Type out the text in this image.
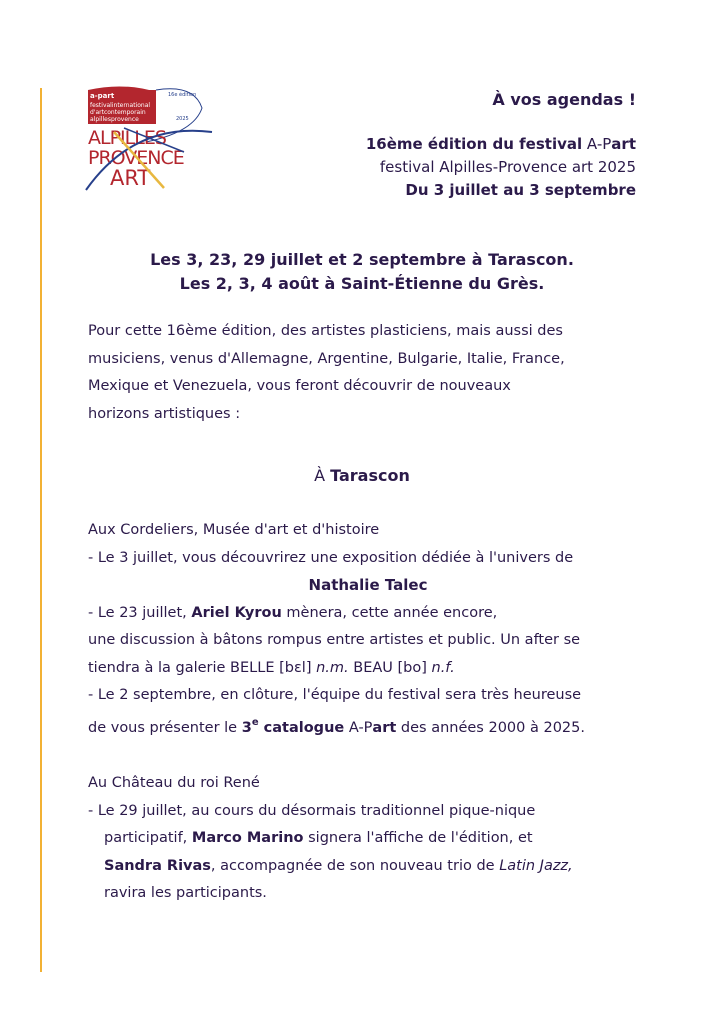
a-part
festivalinternational
d'artcontemporain
alpillesprovence
16e édition
2025
ALPILLES
PROVENCE
ART
À vos agendas !
16ème édition du festival A-Part
festival Alpilles-Provence art 2025
Du 3 juillet au 3 septembre
Les 3, 23, 29 juillet et 2 septembre à Tarascon.
Les 2, 3, 4 août à Saint-Étienne du Grès.
Pour cette 16ème édition, des artistes plasticiens, mais aussi des
musiciens, venus d'Allemagne, Argentine, Bulgarie, Italie, France,
Mexique et Venezuela, vous feront découvrir de nouveaux
horizons artistiques :
À Tarascon
Aux Cordeliers, Musée d'art et d'histoire
- Le 3 juillet, vous découvrirez une exposition dédiée à l'univers de
Nathalie Talec
- Le 23 juillet, Ariel Kyrou mènera, cette année encore,
une discussion à bâtons rompus entre artistes et public. Un after se
tiendra à la galerie BELLE [bɛl] n.m. BEAU [bo] n.f.
- Le 2 septembre, en clôture, l'équipe du festival sera très heureuse
de vous présenter le 3e catalogue A-Part des années 2000 à 2025.
Au Château du roi René
- Le 29 juillet, au cours du désormais traditionnel pique-nique
participatif, Marco Marino signera l'affiche de l'édition, et
Sandra Rivas, accompagnée de son nouveau trio de Latin Jazz,
ravira les participants.
